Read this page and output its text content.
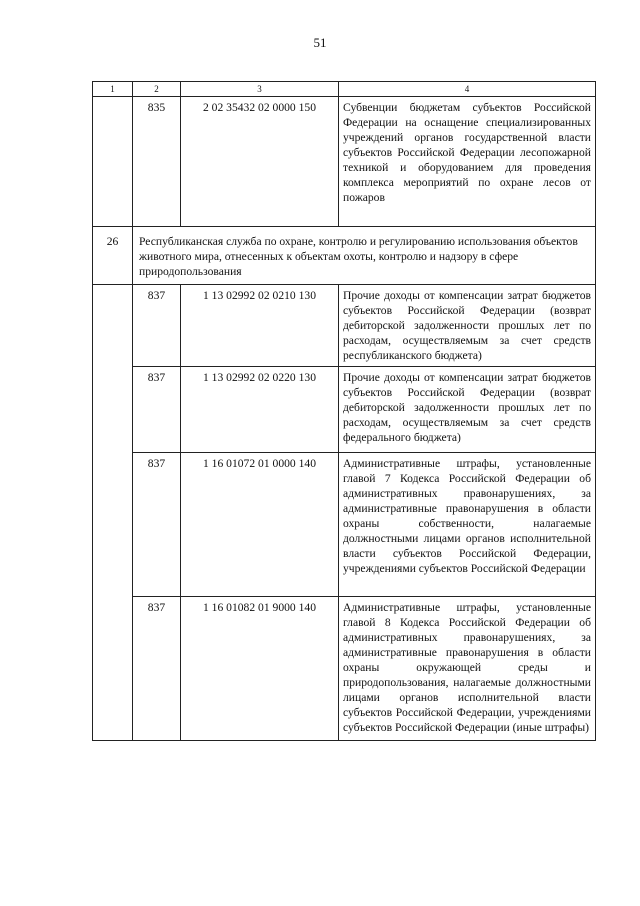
51
1	2	3	4
	835	2 02 35432 02 0000 150	Субвенции бюджетам субъектов Российской Федерации на оснащение специализированных учреждений органов государственной власти субъектов Российской Федерации лесопожарной техникой и оборудованием для проведения комплекса мероприятий по охране лесов от пожаров
26	Республиканская служба по охране, контролю и регулированию использования объектов животного мира, отнесенных к объектам охоты, контролю и надзору в сфере природопользования		
	837	1 13 02992 02 0210 130	Прочие доходы от компенсации затрат бюджетов субъектов Российской Федерации (возврат дебиторской задолженности прошлых лет по расходам, осуществляемым за счет средств республиканского бюджета)
	837	1 13 02992 02 0220 130	Прочие доходы от компенсации затрат бюджетов субъектов Российской Федерации (возврат дебиторской задолженности прошлых лет по расходам, осуществляемым за счет средств федерального бюджета)
	837	1 16 01072 01 0000 140	Административные штрафы, установленные главой 7 Кодекса Российской Федерации об административных правонарушениях, за административные правонарушения в области охраны собственности, налагаемые должностными лицами органов исполнительной власти субъектов Российской Федерации, учреждениями субъектов Российской Федерации
	837	1 16 01082 01 9000 140	Административные штрафы, установленные главой 8 Кодекса Российской Федерации об административных правонарушениях, за административные правонарушения в области охраны окружающей среды и природопользования, налагаемые должностными лицами органов исполнительной власти субъектов Российской Федерации, учреждениями субъектов Российской Федерации (иные штрафы)
